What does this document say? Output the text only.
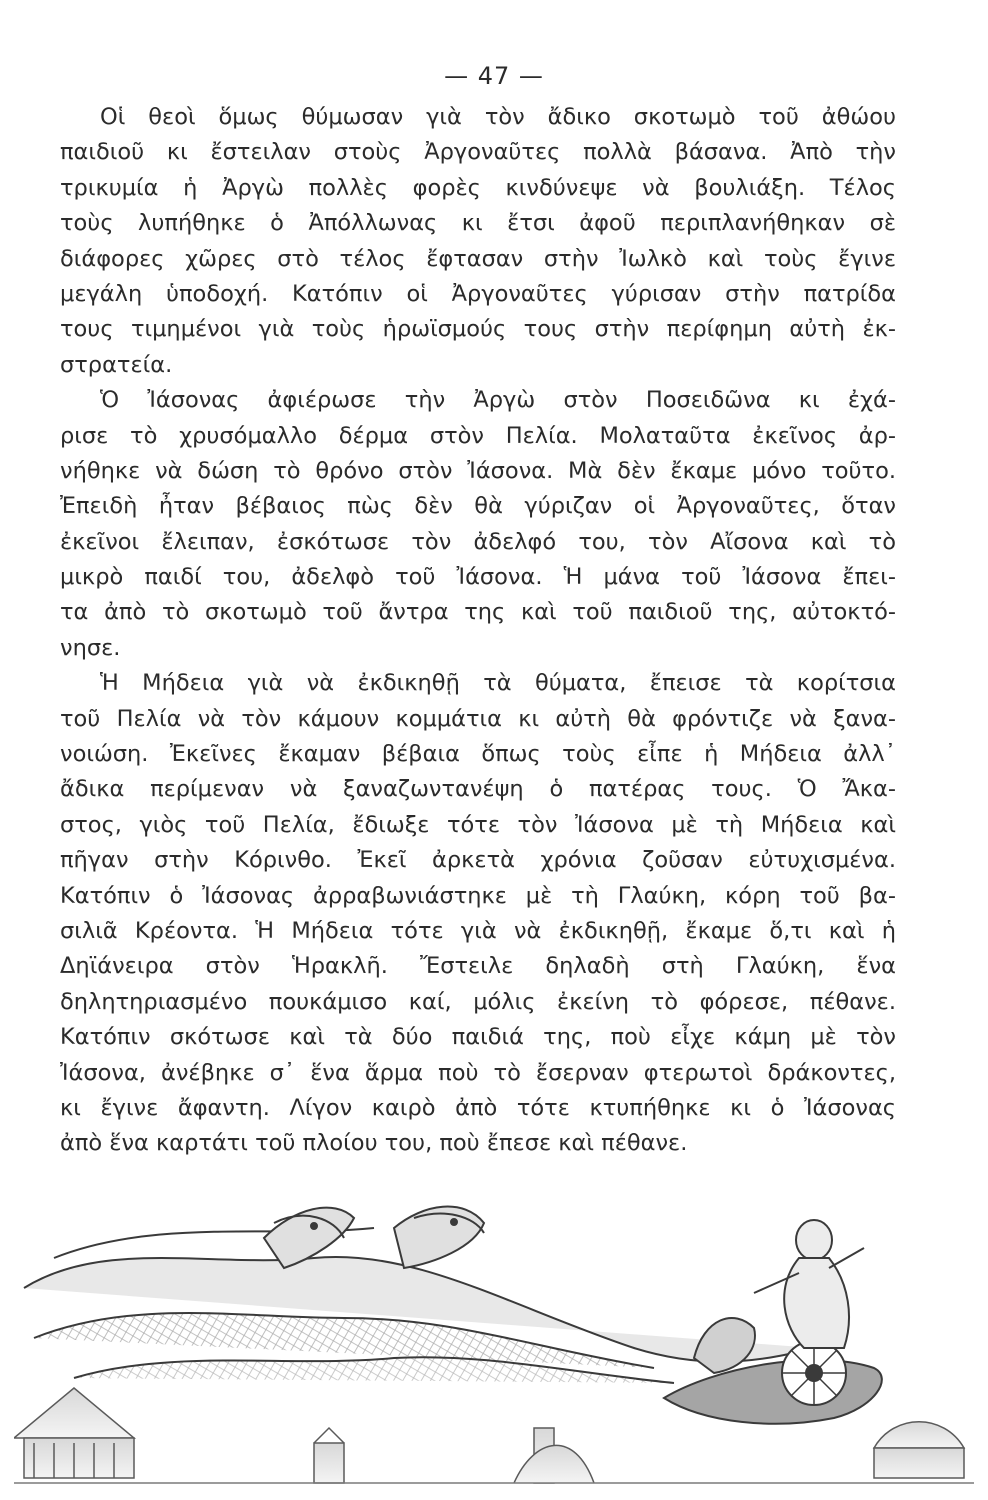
— 47 —
Οἱ θεοὶ ὅμως θύμωσαν γιὰ τὸν ἄδικο σκοτωμὸ τοῦ ἀθώου
παιδιοῦ κι ἔστειλαν στοὺς Ἀργοναῦτες πολλὰ βάσανα. Ἀπὸ τὴν
τρικυμία ἡ Ἀργὼ πολλὲς φορὲς κινδύνεψε νὰ βουλιάξη. Τέλος
τοὺς λυπήθηκε ὁ Ἀπόλλωνας κι ἔτσι ἀφοῦ περιπλανήθηκαν σὲ
διάφορες χῶρες στὸ τέλος ἔφτασαν στὴν Ἰωλκὸ καὶ τοὺς ἔγινε
μεγάλη ὑποδοχή. Κατόπιν οἱ Ἀργοναῦτες γύρισαν στὴν πατρίδα
τους τιμημένοι γιὰ τοὺς ἡρωϊσμούς τους στὴν περίφημη αὐτὴ ἐκ-
στρατεία.
Ὁ Ἰάσονας ἀφιέρωσε τὴν Ἀργὼ στὸν Ποσειδῶνα κι ἐχά-
ρισε τὸ χρυσόμαλλο δέρμα στὸν Πελία. Μολαταῦτα ἐκεῖνος ἀρ-
νήθηκε νὰ δώση τὸ θρόνο στὸν Ἰάσονα. Μὰ δὲν ἔκαμε μόνο τοῦτο.
Ἐπειδὴ ἦταν βέβαιος πὼς δὲν θὰ γύριζαν οἱ Ἀργοναῦτες, ὅταν
ἐκεῖνοι ἔλειπαν, ἐσκότωσε τὸν ἀδελφό του, τὸν Αἴσονα καὶ τὸ
μικρὸ παιδί του, ἀδελφὸ τοῦ Ἰάσονα. Ἡ μάνα τοῦ Ἰάσονα ἔπει-
τα ἀπὸ τὸ σκοτωμὸ τοῦ ἄντρα της καὶ τοῦ παιδιοῦ της, αὐτοκτό-
νησε.
Ἡ Μήδεια γιὰ νὰ ἐκδικηθῇ τὰ θύματα, ἔπεισε τὰ κορίτσια
τοῦ Πελία νὰ τὸν κάμουν κομμάτια κι αὐτὴ θὰ φρόντιζε νὰ ξανα-
νοιώση. Ἐκεῖνες ἔκαμαν βέβαια ὅπως τοὺς εἶπε ἡ Μήδεια ἀλλ᾽
ἄδικα περίμεναν νὰ ξαναζωντανέψη ὁ πατέρας τους. Ὁ Ἄκα-
στος, γιὸς τοῦ Πελία, ἔδιωξε τότε τὸν Ἰάσονα μὲ τὴ Μήδεια καὶ
πῆγαν στὴν Κόρινθο. Ἐκεῖ ἀρκετὰ χρόνια ζοῦσαν εὐτυχισμένα.
Κατόπιν ὁ Ἰάσονας ἀρραβωνιάστηκε μὲ τὴ Γλαύκη, κόρη τοῦ βα-
σιλιᾶ Κρέοντα. Ἡ Μήδεια τότε γιὰ νὰ ἐκδικηθῇ, ἔκαμε ὅ,τι καὶ ἡ
Δηϊάνειρα στὸν Ἡρακλῆ. Ἔστειλε δηλαδὴ στὴ Γλαύκη, ἕνα
δηλητηριασμένο πουκάμισο καί, μόλις ἐκείνη τὸ φόρεσε, πέθανε.
Κατόπιν σκότωσε καὶ τὰ δύο παιδιά της, ποὺ εἶχε κάμη μὲ τὸν
Ἰάσονα, ἀνέβηκε σ᾽ ἕνα ἅρμα ποὺ τὸ ἔσερναν φτερωτοὶ δράκοντες,
κι ἔγινε ἄφαντη. Λίγον καιρὸ ἀπὸ τότε κτυπήθηκε κι ὁ Ἰάσονας
ἀπὸ ἕνα καρτάτι τοῦ πλοίου του, ποὺ ἔπεσε καὶ πέθανε.
